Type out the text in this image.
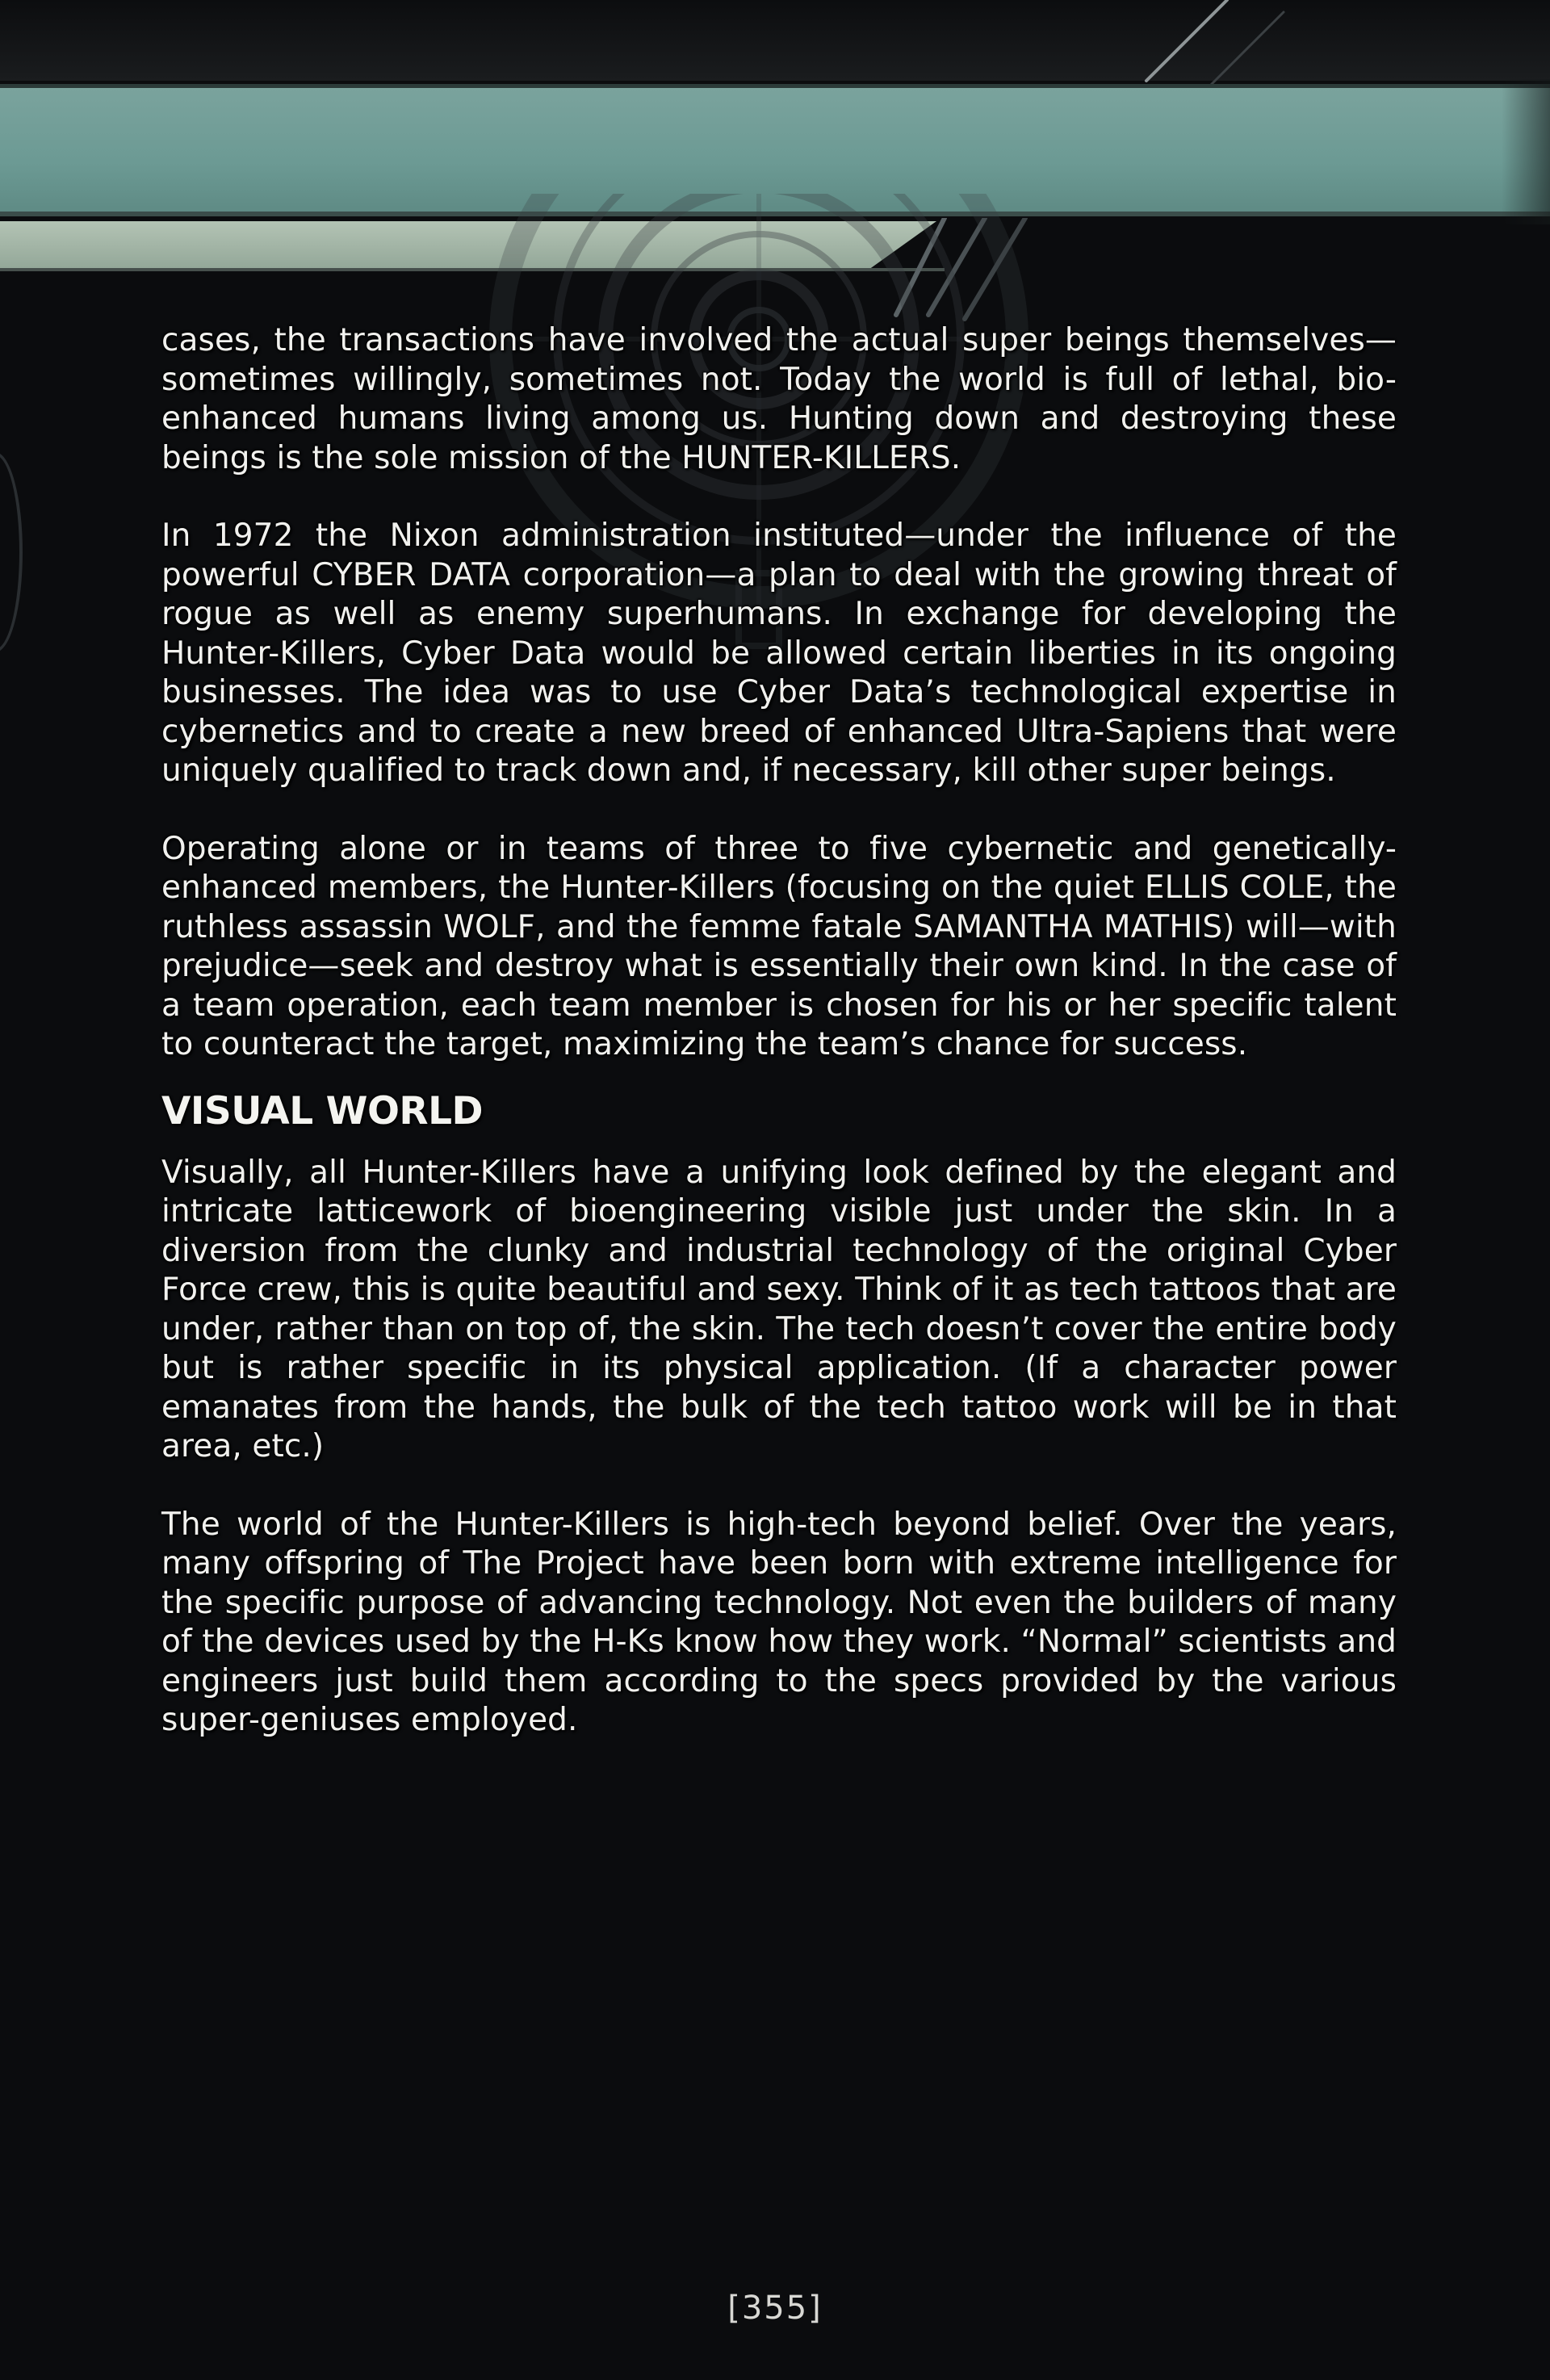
cases, the transactions have involved the actual super beings themselves—sometimes willingly, sometimes not. Today the world is full of lethal, bio-enhanced humans living among us. Hunting down and destroying these beings is the sole mission of the HUNTER-KILLERS.

In 1972 the Nixon administration instituted—under the influence of the powerful CYBER DATA corporation—a plan to deal with the growing threat of rogue as well as enemy superhumans. In exchange for developing the Hunter-Killers, Cyber Data would be allowed certain liberties in its ongoing businesses. The idea was to use Cyber Data’s technological expertise in cybernetics and to create a new breed of enhanced Ultra-Sapiens that were uniquely qualified to track down and, if necessary, kill other super beings.

Operating alone or in teams of three to five cybernetic and genetically-enhanced members, the Hunter-Killers (focusing on the quiet ELLIS COLE, the ruthless assassin WOLF, and the femme fatale SAMANTHA MATHIS) will—with prejudice—seek and destroy what is essentially their own kind. In the case of a team operation, each team member is chosen for his or her specific talent to counteract the target, maximizing the team’s chance for success.

VISUAL WORLD

Visually, all Hunter-Killers have a unifying look defined by the elegant and intricate latticework of bioengineering visible just under the skin. In a diversion from the clunky and industrial technology of the original Cyber Force crew, this is quite beautiful and sexy. Think of it as tech tattoos that are under, rather than on top of, the skin. The tech doesn’t cover the entire body but is rather specific in its physical application. (If a character power emanates from the hands, the bulk of the tech tattoo work will be in that area, etc.)

The world of the Hunter-Killers is high-tech beyond belief. Over the years, many offspring of The Project have been born with extreme intelligence for the specific purpose of advancing technology. Not even the builders of many of the devices used by the H-Ks know how they work. “Normal” scientists and engineers just build them according to the specs provided by the various super-geniuses employed.

[355]
